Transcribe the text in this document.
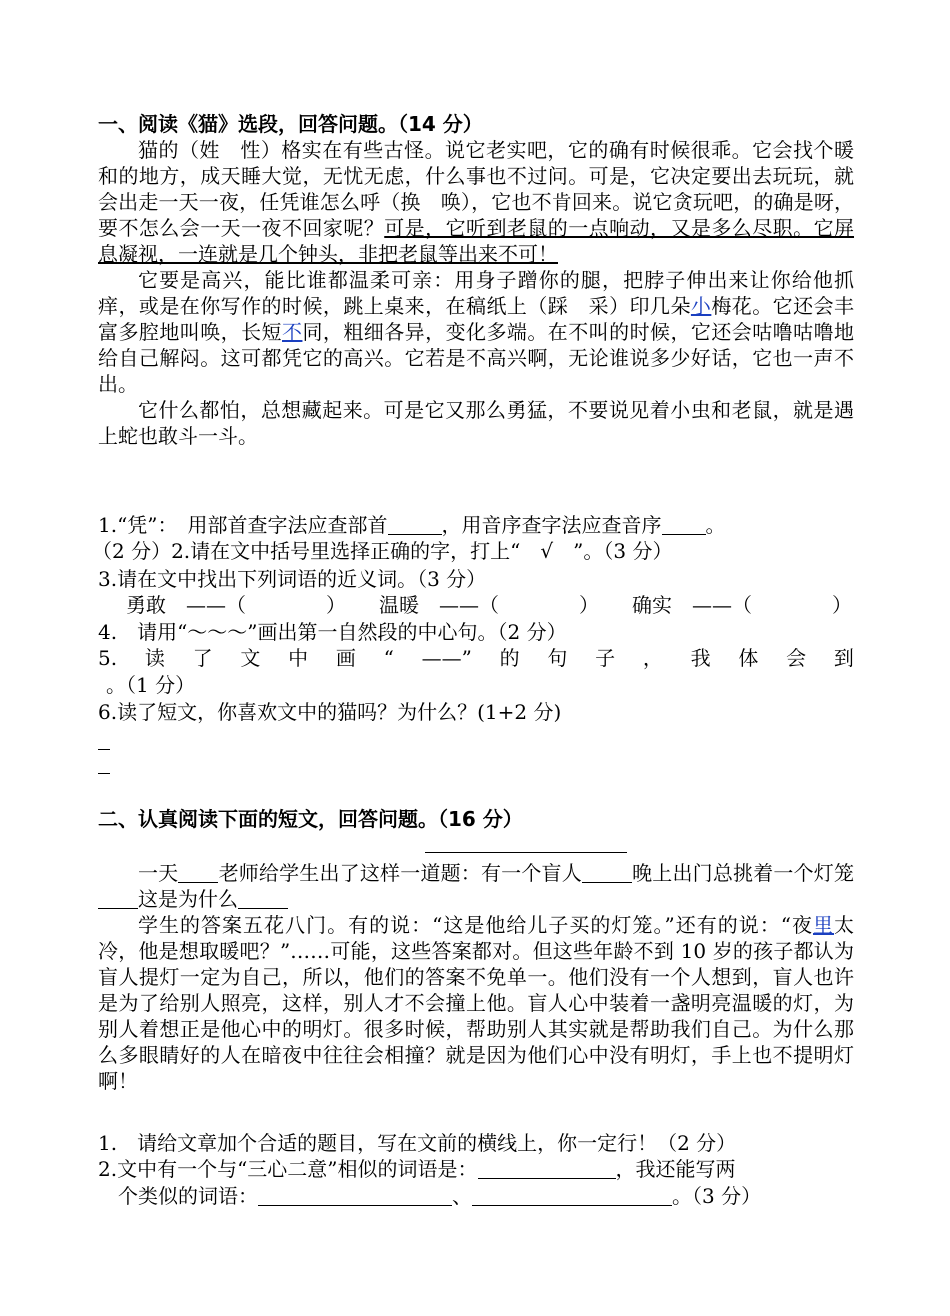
一、阅读《猫》选段，回答问题。（14 分）

猫的（姓　性）格实在有些古怪。说它老实吧，它的确有时候很乖。它会找个暖和的地方，成天睡大觉，无忧无虑，什么事也不过问。可是，它决定要出去玩玩，就会出走一天一夜，任凭谁怎么呼（换　唤），它也不肯回来。说它贪玩吧，的确是呀，要不怎么会一天一夜不回家呢？可是，它听到老鼠的一点响动，又是多么尽职。它屏息凝视，一连就是几个钟头，非把老鼠等出来不可！

它要是高兴，能比谁都温柔可亲：用身子蹭你的腿，把脖子伸出来让你给他抓痒，或是在你写作的时候，跳上桌来，在稿纸上（踩　采）印几朵小梅花。它还会丰富多腔地叫唤，长短不同，粗细各异，变化多端。在不叫的时候，它还会咕噜咕噜地给自己解闷。这可都凭它的高兴。它若是不高兴啊，无论谁说多少好话，它也一声不出。

它什么都怕，总想藏起来。可是它又那么勇猛，不要说见着小虫和老鼠，就是遇上蛇也敢斗一斗。

1.“凭”：　用部首查字法应查部首	，用音序查字法应查音序 。
（2 分）2.请在文中括号里选择正确的字，打上“　√　”。（3 分）
3.请在文中找出下列词语的近义词。（3 分）
勇敢　——（　　　　） 温暖　——（　　　　） 确实　——（　　　　）
4.　请用“～～～”画出第一自然段的中心句。（2 分）
5. 读 了 文 中 画 “ ——” 的 句 子 ， 我 体 会 到
。（1 分）
6.读了短文，你喜欢文中的猫吗？为什么？(1+2 分)
二、认真阅读下面的短文，回答问题。（16 分）

一天 老师给学生出了这样一道题：有一个盲人	晚上出门总挑着一个灯笼这是为什么

学生的答案五花八门。有的说：“这是他给儿子买的灯笼。”还有的说：“夜里太冷，他是想取暖吧？”……可能，这些答案都对。但这些年龄不到 10 岁的孩子都认为盲人提灯一定为自己，所以，他们的答案不免单一。他们没有一个人想到，盲人也许是为了给别人照亮，这样，别人才不会撞上他。盲人心中装着一盏明亮温暖的灯，为别人着想正是他心中的明灯。很多时候，帮助别人其实就是帮助我们自己。为什么那么多眼睛好的人在暗夜中往往会相撞？就是因为他们心中没有明灯，手上也不提明灯啊！

1.　请给文章加个合适的题目，写在文前的横线上，你一定行！（2 分）
2.文中有一个与“三心二意”相似的词语是：	，我还能写两
个类似的词语：	、	。（3 分）
